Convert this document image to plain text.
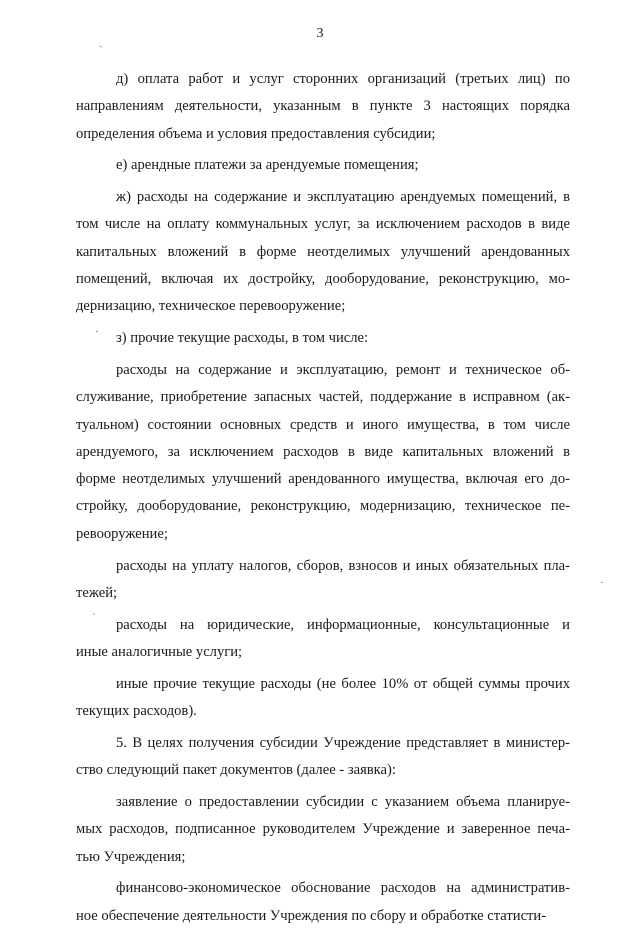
ˎ
3
·
ˋ
·
д) оплата работ и услуг сторонних организаций (третьих лиц) по
направлениям деятельности, указанным в пункте 3 настоящих порядка
определения объема и условия предоставления субсидии;
е) арендные платежи за арендуемые помещения;
ж) расходы на содержание и эксплуатацию арендуемых помещений, в
том числе на оплату коммунальных услуг, за исключением расходов в виде
капитальных вложений в форме неотделимых улучшений арендованных
помещений, включая их достройку, дооборудование, реконструкцию, мо-
дернизацию, техническое перевооружение;
з) прочие текущие расходы, в том числе:
расходы на содержание и эксплуатацию, ремонт и техническое об-
служивание, приобретение запасных частей, поддержание в исправном (ак-
туальном) состоянии основных средств и иного имущества, в том числе
арендуемого, за исключением расходов в виде капитальных вложений в
форме неотделимых улучшений арендованного имущества, включая его до-
стройку, дооборудование, реконструкцию, модернизацию, техническое пе-
ревооружение;
расходы на уплату налогов, сборов, взносов и иных обязательных пла-
тежей;
расходы на юридические, информационные, консультационные и
иные аналогичные услуги;
иные прочие текущие расходы (не более 10% от общей суммы прочих
текущих расходов).
5. В целях получения субсидии Учреждение представляет в министер-
ство следующий пакет документов (далее - заявка):
заявление о предоставлении субсидии с указанием объема планируе-
мых расходов, подписанное руководителем Учреждение и заверенное печа-
тью Учреждения;
финансово-экономическое обоснование расходов на административ-
ное обеспечение деятельности Учреждения по сбору и обработке статисти-
